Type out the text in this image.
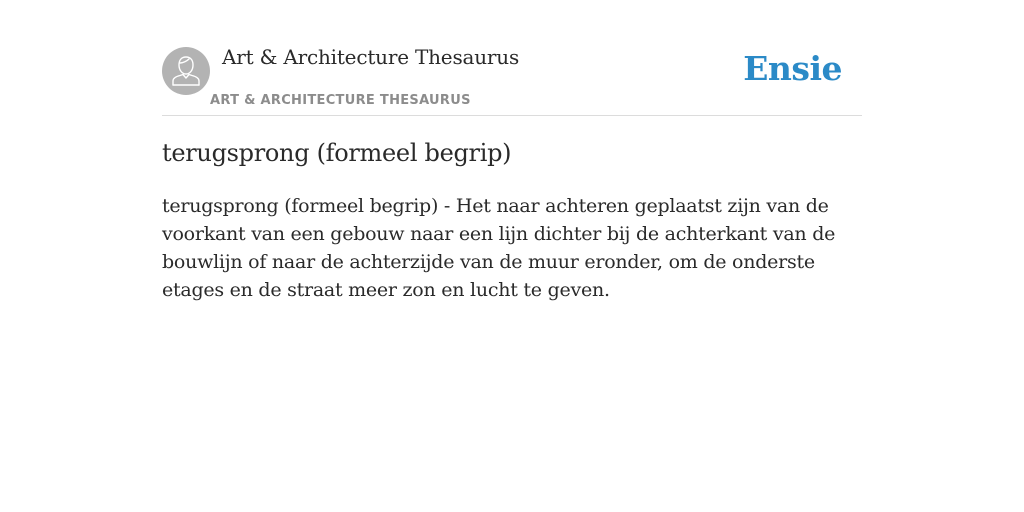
Art & Architecture Thesaurus
ART & ARCHITECTURE THESAURUS
Ensie
terugsprong (formeel begrip)

terugsprong (formeel begrip) - Het naar achteren geplaatst zijn van de voorkant van een gebouw naar een lijn dichter bij de achterkant van de bouwlijn of naar de achterzijde van de muur eronder, om de onderste etages en de straat meer zon en lucht te geven.
